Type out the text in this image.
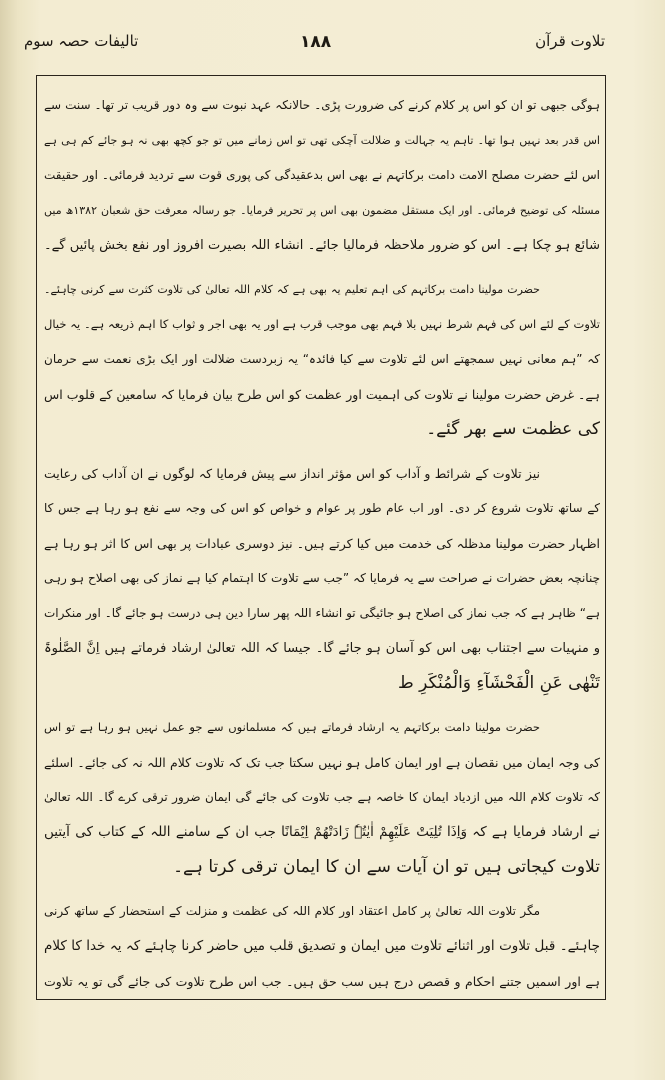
تلاوت قرآن
۱۸۸
تالیفات حصہ سوم
ہوگی جبھی تو ان کو اس پر کلام کرنے کی ضرورت پڑی۔ حالانکہ عہد نبوت سے وہ دور قریب تر تھا۔ سنت سے
اس قدر بعد نہیں ہوا تھا۔ تاہم یہ جہالت و ضلالت آچکی تھی تو اس زمانے میں تو جو کچھ بھی نہ ہو جائے کم ہی ہے
اس لئے حضرت مصلح الامت دامت برکاتہم نے بھی اس بدعقیدگی کی پوری قوت سے تردید فرمائی۔ اور حقیقت
مسئلہ کی توضیح فرمائی۔ اور ایک مستقل مضمون بھی اس پر تحریر فرمایا۔ جو رسالہ معرفت حق شعبان ۱۳۸۲ھ میں
شائع ہو چکا ہے۔ اس کو ضرور ملاحظہ فرمالیا جائے۔ انشاء اللہ بصیرت افروز اور نفع بخش پائیں گے۔
حضرت مولینا دامت برکاتہم کی اہم تعلیم یہ بھی ہے کہ کلام اللہ تعالیٰ کی تلاوت کثرت سے کرنی چاہئے۔
تلاوت کے لئے اس کی فہم شرط نہیں بلا فہم بھی موجب قرب ہے اور یہ بھی اجر و ثواب کا اہم ذریعہ ہے۔ یہ خیال
کہ ”ہم معانی نہیں سمجھتے اس لئے تلاوت سے کیا فائدہ“ یہ زبردست ضلالت اور ایک بڑی نعمت سے حرمان
ہے۔ غرض حضرت مولینا نے تلاوت کی اہمیت اور عظمت کو اس طرح بیان فرمایا کہ سامعین کے قلوب اس
کی عظمت سے بھر گئے۔
نیز تلاوت کے شرائط و آداب کو اس مؤثر انداز سے پیش فرمایا کہ لوگوں نے ان آداب کی رعایت
کے ساتھ تلاوت شروع کر دی۔ اور اب عام طور پر عوام و خواص کو اس کی وجہ سے نفع ہو رہا ہے جس کا
اظہار حضرت مولینا مدظلہ کی خدمت میں کیا کرتے ہیں۔ نیز دوسری عبادات پر بھی اس کا اثر ہو رہا ہے
چنانچہ بعض حضرات نے صراحت سے یہ فرمایا کہ ”جب سے تلاوت کا اہتمام کیا ہے نماز کی بھی اصلاح ہو رہی
ہے“ ظاہر ہے کہ جب نماز کی اصلاح ہو جائیگی تو انشاء اللہ پھر سارا دین ہی درست ہو جائے گا۔ اور منکرات
و منہیات سے اجتناب بھی اس کو آسان ہو جائے گا۔ جیسا کہ اللہ تعالیٰ ارشاد فرماتے ہیں اِنَّ الصَّلٰوۃَ
تَنْھٰی عَنِ الْفَحْشَآءِ وَالْمُنْکَرِ ط
حضرت مولینا دامت برکاتہم یہ ارشاد فرماتے ہیں کہ مسلمانوں سے جو عمل نہیں ہو رہا ہے تو اس
کی وجہ ایمان میں نقصان ہے اور ایمان کامل ہو نہیں سکتا جب تک کہ تلاوت کلام اللہ نہ کی جائے۔ اسلئے
کہ تلاوت کلام اللہ میں ازدیاد ایمان کا خاصہ ہے جب تلاوت کی جائے گی ایمان ضرور ترقی کرے گا۔ اللہ تعالیٰ
نے ارشاد فرمایا ہے کہ وَاِذَا تُلِیَتْ عَلَیْھِمْ اٰیٰتُہٗ زَادَتْھُمْ اِیْمَانًا جب ان کے سامنے اللہ کے کتاب کی آیتیں
تلاوت کیجاتی ہیں تو ان آیات سے ان کا ایمان ترقی کرتا ہے۔
مگر تلاوت اللہ تعالیٰ پر کامل اعتقاد اور کلام اللہ کی عظمت و منزلت کے استحضار کے ساتھ کرنی
چاہئے۔ قبل تلاوت اور اثنائے تلاوت میں ایمان و تصدیق قلب میں حاضر کرنا چاہئے کہ یہ خدا کا کلام
ہے اور اسمیں جتنے احکام و قصص درج ہیں سب حق ہیں۔ جب اس طرح تلاوت کی جائے گی تو یہ تلاوت
